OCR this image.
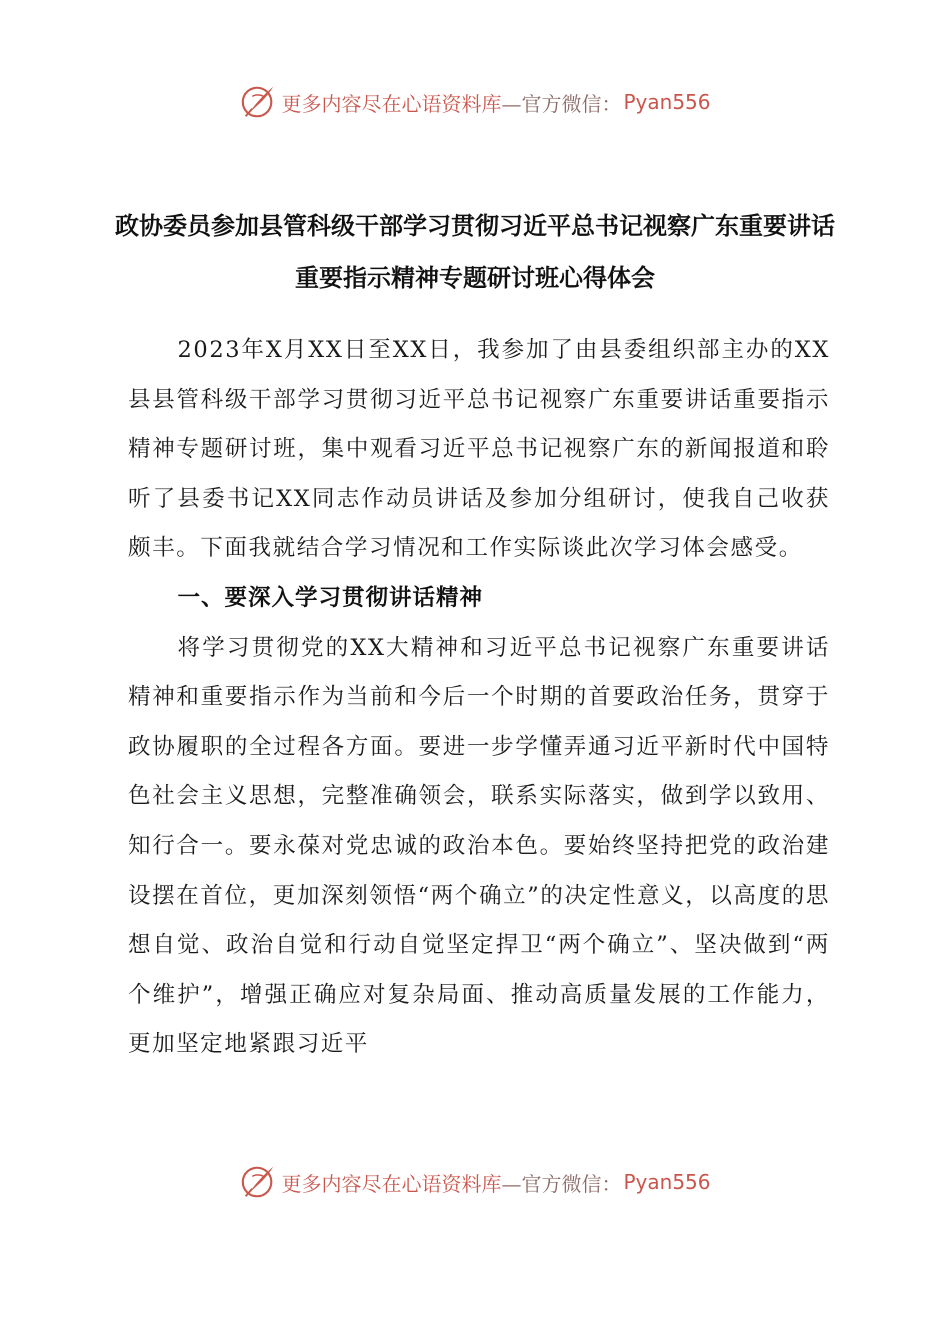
更多内容尽在心语资料库 —官方微信： Pyan556
政协委员参加县管科级干部学习贯彻习近平总书记视察广东重要讲话重要指示精神专题研讨班心得体会

2023年X月XX日至XX日，我参加了由县委组织部主办的XX县县管科级干部学习贯彻习近平总书记视察广东重要讲话重要指示精神专题研讨班，集中观看习近平总书记视察广东的新闻报道和聆听了县委书记XX同志作动员讲话及参加分组研讨，使我自己收获颇丰。下面我就结合学习情况和工作实际谈此次学习体会感受。

一、要深入学习贯彻讲话精神

将学习贯彻党的XX大精神和习近平总书记视察广东重要讲话精神和重要指示作为当前和今后一个时期的首要政治任务，贯穿于政协履职的全过程各方面。要进一步学懂弄通习近平新时代中国特色社会主义思想，完整准确领会，联系实际落实，做到学以致用、知行合一。要永葆对党忠诚的政治本色。要始终坚持把党的政治建设摆在首位，更加深刻领悟“两个确立”的决定性意义，以高度的思想自觉、政治自觉和行动自觉坚定捍卫“两个确立”、坚决做到“两个维护”，增强正确应对复杂局面、推动高质量发展的工作能力，更加坚定地紧跟习近平

更多内容尽在心语资料库 —官方微信： Pyan556
